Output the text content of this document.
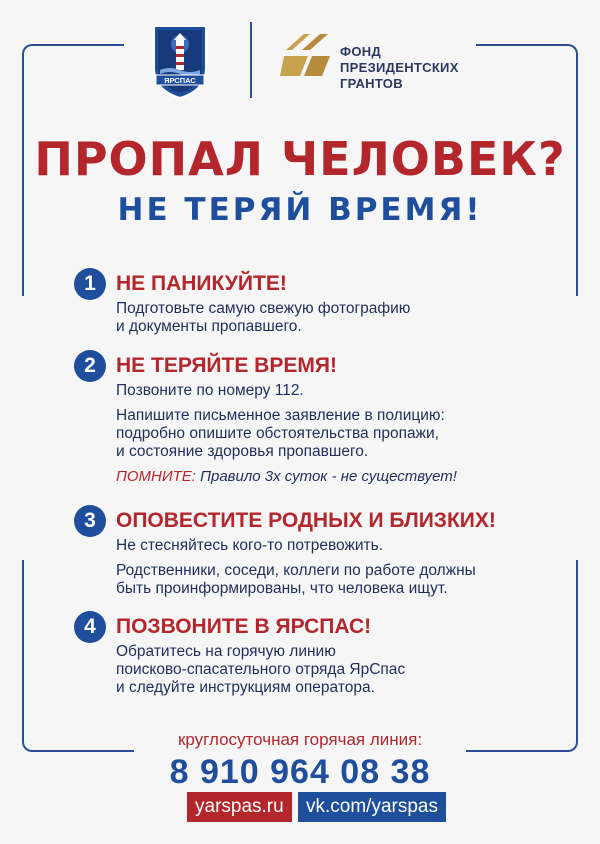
ЯРСПАС
ФОНД
ПРЕЗИДЕНТСКИХ
ГРАНТОВ
ПРОПАЛ ЧЕЛОВЕК?
НЕ ТЕРЯЙ ВРЕМЯ!
1 НЕ ПАНИКУЙТЕ!
Подготовьте самую свежую фотографию
и документы пропавшего.
2 НЕ ТЕРЯЙТЕ ВРЕМЯ!
Позвоните по номеру 112.
Напишите письменное заявление в полицию:
подробно опишите обстоятельства пропажи,
и состояние здоровья пропавшего.
ПОМНИТЕ: Правило 3х суток - не существует!
3 ОПОВЕСТИТЕ РОДНЫХ И БЛИЗКИХ!
Не стесняйтесь кого-то потревожить.
Родственники, соседи, коллеги по работе должны
быть проинформированы, что человека ищут.
4 ПОЗВОНИТЕ В ЯРСПАС!
Обратитесь на горячую линию
поисково-спасательного отряда ЯрСпас
и следуйте инструкциям оператора.
круглосуточная горячая линия:
8 910 964 08 38
yarspas.ru	vk.com/yarspas
